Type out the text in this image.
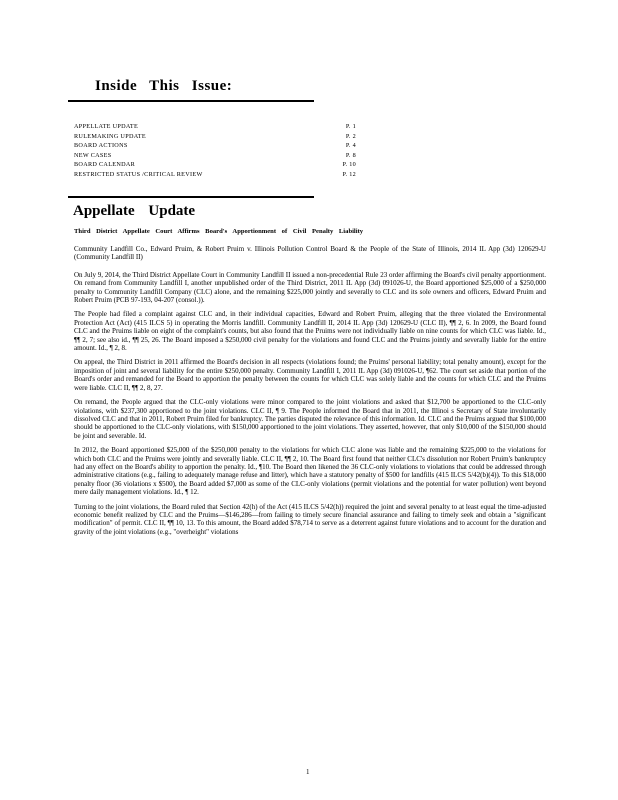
Inside This Issue:
APPELLATE UPDATE	P. 1
RULEMAKING UPDATE	P. 2
BOARD ACTIONS	P. 4
NEW CASES	P. 8
BOARD CALENDAR	P. 10
RESTRICTED STATUS /CRITICAL REVIEW	P. 12
Appellate Update
Third District Appellate Court Affirms Board's Apportionment of Civil Penalty Liability

Community Landfill Co., Edward Pruim, & Robert Pruim v. Illinois Pollution Control Board & the People of the State of Illinois, 2014 IL App (3d) 120629-U (Community Landfill II)

On July 9, 2014, the Third District Appellate Court in Community Landfill II issued a non-precedential Rule 23 order affirming the Board's civil penalty apportionment. On remand from Community Landfill I, another unpublished order of the Third District, 2011 IL App (3d) 091026-U, the Board apportioned $25,000 of a $250,000 penalty to Community Landfill Company (CLC) alone, and the remaining $225,000 jointly and severally to CLC and its sole owners and officers, Edward Pruim and Robert Pruim (PCB 97-193, 04-207 (consol.)).

The People had filed a complaint against CLC and, in their individual capacities, Edward and Robert Pruim, alleging that the three violated the Environmental Protection Act (Act) (415 ILCS 5) in operating the Morris landfill. Community Landfill II, 2014 IL App (3d) 120629-U (CLC II), ¶¶ 2, 6. In 2009, the Board found CLC and the Pruims liable on eight of the complaint's counts, but also found that the Pruims were not individually liable on nine counts for which CLC was liable. Id., ¶¶ 2, 7; see also id., ¶¶ 25, 26. The Board imposed a $250,000 civil penalty for the violations and found CLC and the Pruims jointly and severally liable for the entire amount. Id., ¶ 2, 8.

On appeal, the Third District in 2011 affirmed the Board's decision in all respects (violations found; the Pruims' personal liability; total penalty amount), except for the imposition of joint and several liability for the entire $250,000 penalty. Community Landfill I, 2011 IL App (3d) 091026-U, ¶62. The court set aside that portion of the Board's order and remanded for the Board to apportion the penalty between the counts for which CLC was solely liable and the counts for which CLC and the Pruims were liable. CLC II, ¶¶ 2, 8, 27.

On remand, the People argued that the CLC-only violations were minor compared to the joint violations and asked that $12,700 be apportioned to the CLC-only violations, with $237,300 apportioned to the joint violations. CLC II, ¶ 9. The People informed the Board that in 2011, the Illinoi s Secretary of State involuntarily dissolved CLC and that in 2011, Robert Pruim filed for bankruptcy. The parties disputed the relevance of this information. Id. CLC and the Pruims argued that $100,000 should be apportioned to the CLC-only violations, with $150,000 apportioned to the joint violations. They asserted, however, that only $10,000 of the $150,000 should be joint and severable. Id.

In 2012, the Board apportioned $25,000 of the $250,000 penalty to the violations for which CLC alone was liable and the remaining $225,000 to the violations for which both CLC and the Pruims were jointly and severally liable. CLC II, ¶¶ 2, 10. The Board first found that neither CLC's dissolution nor Robert Pruim's bankruptcy had any effect on the Board's ability to apportion the penalty. Id., ¶10. The Board then likened the 36 CLC-only violations to violations that could be addressed through administrative citations (e.g., failing to adequately manage refuse and litter), which have a statutory penalty of $500 for landfills (415 ILCS 5/42(b)(4)). To this $18,000 penalty floor (36 violations x $500), the Board added $7,000 as some of the CLC-only violations (permit violations and the potential for water pollution) went beyond mere daily management violations. Id., ¶ 12.

Turning to the joint violations, the Board ruled that Section 42(h) of the Act (415 ILCS 5/42(h)) required the joint and several penalty to at least equal the time-adjusted economic benefit realized by CLC and the Pruims—$146,286—from failing to timely secure financial assurance and failing to timely seek and obtain a "significant modification" of permit. CLC II, ¶¶ 10, 13. To this amount, the Board added $78,714 to serve as a deterrent against future violations and to account for the duration and gravity of the joint violations (e.g., "overheight" violations

1
